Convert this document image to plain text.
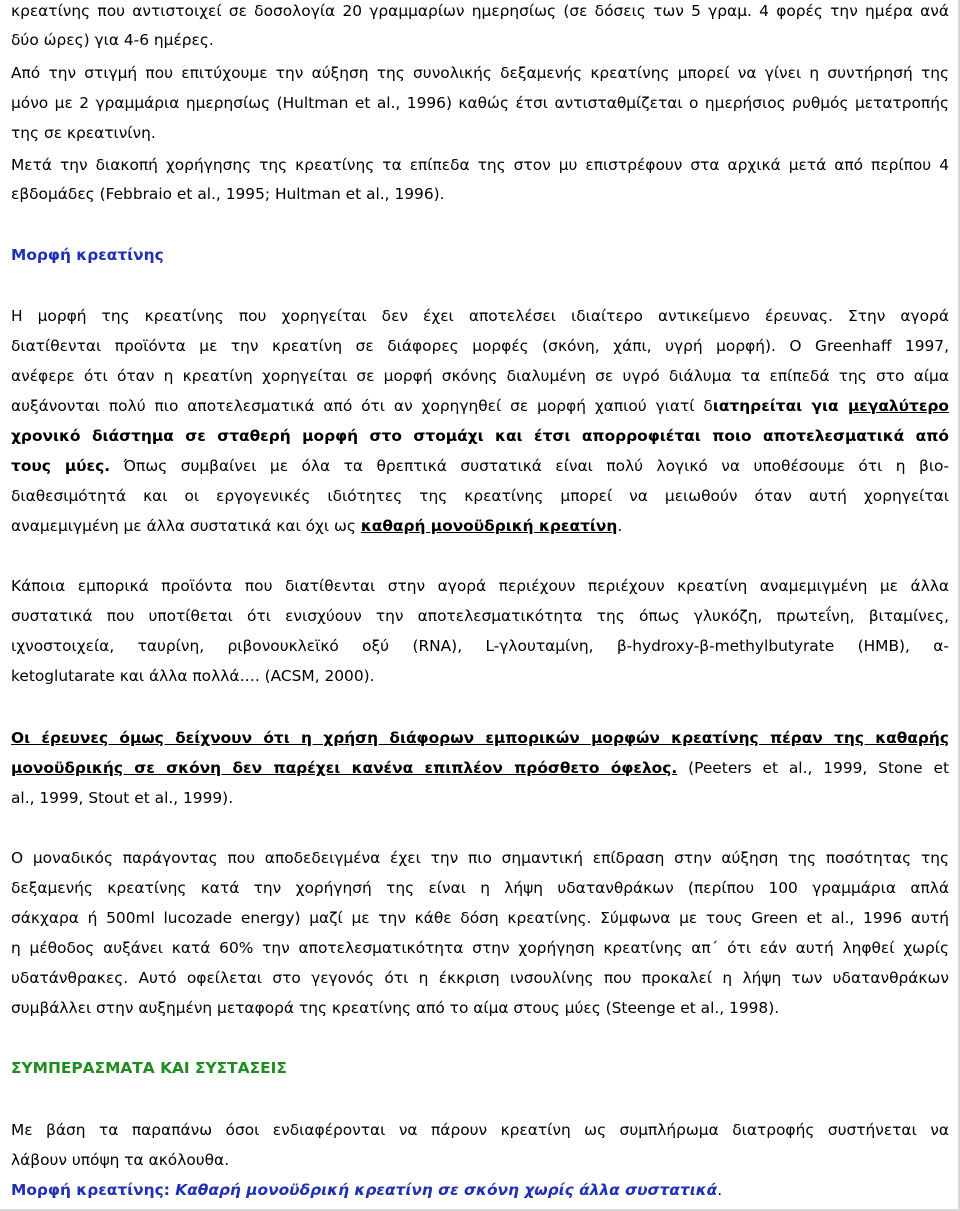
κρεατίνης που αντιστοιχεί σε δοσολογία 20 γραμμαρίων ημερησίως (σε δόσεις των 5 γραμ. 4 φορές την ημέρα ανά
δύο ώρες) για 4-6 ημέρες.
Από την στιγμή που επιτύχουμε την αύξηση της συνολικής δεξαμενής κρεατίνης μπορεί να γίνει η συντήρησή της
μόνο με 2 γραμμάρια ημερησίως (Hultman et al., 1996) καθώς έτσι αντισταθμίζεται ο ημερήσιος ρυθμός μετατροπής
της σε κρεατινίνη.
Μετά την διακοπή χορήγησης της κρεατίνης τα επίπεδα της στον μυ επιστρέφουν στα αρχικά μετά από περίπου 4
εβδομάδες (Febbraio et al., 1995; Hultman et al., 1996).
Μορφή κρεατίνης
Η μορφή της κρεατίνης που χορηγείται δεν έχει αποτελέσει ιδιαίτερο αντικείμενο έρευνας. Στην αγορά
διατίθενται προϊόντα με την κρεατίνη σε διάφορες μορφές (σκόνη, χάπι, υγρή μορφή). Ο Greenhaff 1997,
ανέφερε ότι όταν η κρεατίνη χορηγείται σε μορφή σκόνης διαλυμένη σε υγρό διάλυμα τα επίπεδά της στο αίμα
αυξάνονται πολύ πιο αποτελεσματικά από ότι αν χορηγηθεί σε μορφή χαπιού γιατί διατηρείται για μεγαλύτερο
χρονικό διάστημα σε σταθερή μορφή στο στομάχι και έτσι απορροφιέται ποιο αποτελεσματικά από
τους μύες. Όπως συμβαίνει με όλα τα θρεπτικά συστατικά είναι πολύ λογικό να υποθέσουμε ότι η βιο-
διαθεσιμότητά και οι εργογενικές ιδιότητες της κρεατίνης μπορεί να μειωθούν όταν αυτή χορηγείται
αναμεμιγμένη με άλλα συστατικά και όχι ως καθαρή μονοϋδρική κρεατίνη.
Κάποια εμπορικά προϊόντα που διατίθενται στην αγορά περιέχουν περιέχουν κρεατίνη αναμεμιγμένη με άλλα
συστατικά που υποτίθεται ότι ενισχύουν την αποτελεσματικότητα της όπως γλυκόζη, πρωτεΐνη, βιταμίνες,
ιχνοστοιχεία, ταυρίνη, ριβονουκλεϊκό οξύ (RNA), L-γλουταμίνη, β-hydroxy-β-methylbutyrate (HMB), α-
ketoglutarate και άλλα πολλά…. (ACSM, 2000).
Οι έρευνες όμως δείχνουν ότι η χρήση διάφορων εμπορικών μορφών κρεατίνης πέραν της καθαρής
μονοϋδρικής σε σκόνη δεν παρέχει κανένα επιπλέον πρόσθετο όφελος. (Peeters et al., 1999, Stone et
al., 1999, Stout et al., 1999).
Ο μοναδικός παράγοντας που αποδεδειγμένα έχει την πιο σημαντική επίδραση στην αύξηση της ποσότητας της
δεξαμενής κρεατίνης κατά την χορήγησή της είναι η λήψη υδατανθράκων (περίπου 100 γραμμάρια απλά
σάκχαρα ή 500ml lucozade energy) μαζί με την κάθε δόση κρεατίνης. Σύμφωνα με τους Green et al., 1996 αυτή
η μέθοδος αυξάνει κατά 60% την αποτελεσματικότητα στην χορήγηση κρεατίνης απ΄ ότι εάν αυτή ληφθεί χωρίς
υδατάνθρακες. Αυτό οφείλεται στο γεγονός ότι η έκκριση ινσουλίνης που προκαλεί η λήψη των υδατανθράκων
συμβάλλει στην αυξημένη μεταφορά της κρεατίνης από το αίμα στους μύες (Steenge et al., 1998).
ΣΥΜΠΕΡΑΣΜΑΤΑ ΚΑΙ ΣΥΣΤΑΣΕΙΣ
Με βάση τα παραπάνω όσοι ενδιαφέρονται να πάρουν κρεατίνη ως συμπλήρωμα διατροφής συστήνεται να
λάβουν υπόψη τα ακόλουθα.
Μορφή κρεατίνης: Καθαρή μονοϋδρική κρεατίνη σε σκόνη χωρίς άλλα συστατικά.
